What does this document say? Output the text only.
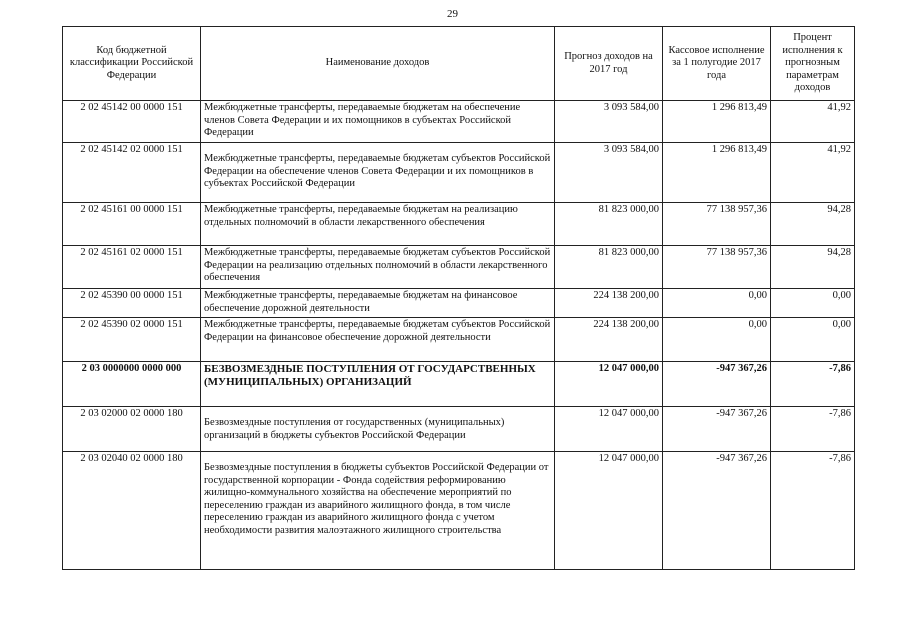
29
Код бюджетной классификации Российской Федерации	Наименование доходов	Прогноз доходов на 2017 год	Кассовое исполнение за 1 полугодие 2017 года	Процент исполнения к прогнозным параметрам доходов
2 02 45142 00 0000 151	Межбюджетные трансферты, передаваемые бюджетам на обеспечение членов Совета Федерации и их помощников в субъектах Российской Федерации	3 093 584,00	1 296 813,49	41,92
2 02 45142 02 0000 151	Межбюджетные трансферты, передаваемые бюджетам субъектов Российской Федерации на обеспечение членов Совета Федерации и их помощников в субъектах Российской Федерации	3 093 584,00	1 296 813,49	41,92
2 02 45161 00 0000 151	Межбюджетные трансферты, передаваемые бюджетам на реализацию отдельных полномочий в области лекарственного обеспечения	81 823 000,00	77 138 957,36	94,28
2 02 45161 02 0000 151	Межбюджетные трансферты, передаваемые бюджетам субъектов Российской Федерации на реализацию отдельных полномочий в области лекарственного обеспечения	81 823 000,00	77 138 957,36	94,28
2 02 45390 00 0000 151	Межбюджетные трансферты, передаваемые бюджетам на финансовое обеспечение дорожной деятельности	224 138 200,00	0,00	0,00
2 02 45390 02 0000 151	Межбюджетные трансферты, передаваемые бюджетам субъектов Российской Федерации на финансовое обеспечение дорожной деятельности	224 138 200,00	0,00	0,00
2 03 0000000 0000 000	БЕЗВОЗМЕЗДНЫЕ ПОСТУПЛЕНИЯ ОТ ГОСУДАРСТВЕННЫХ (МУНИЦИПАЛЬНЫХ) ОРГАНИЗАЦИЙ	12 047 000,00	-947 367,26	-7,86
2 03 02000 02 0000 180	Безвозмездные поступления от государственных (муниципальных) организаций в бюджеты субъектов Российской Федерации	12 047 000,00	-947 367,26	-7,86
2 03 02040 02 0000 180	Безвозмездные поступления в бюджеты субъектов Российской Федерации от государственной корпорации - Фонда содействия реформированию жилищно-коммунального хозяйства на обеспечение мероприятий по переселению граждан из аварийного жилищного фонда, в том числе переселению граждан из аварийного жилищного фонда с учетом необходимости развития малоэтажного жилищного строительства	12 047 000,00	-947 367,26	-7,86
